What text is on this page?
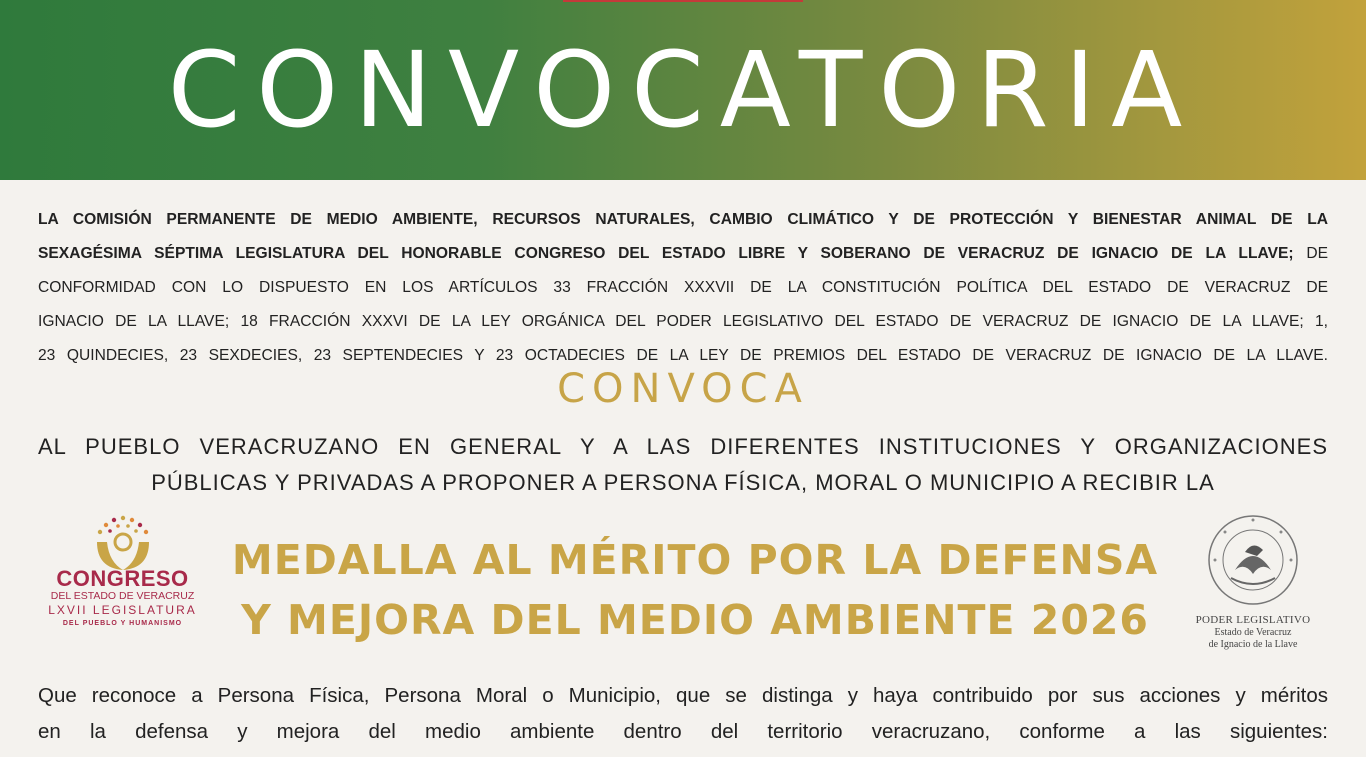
CONVOCATORIA
LA COMISIÓN PERMANENTE DE MEDIO AMBIENTE, RECURSOS NATURALES, CAMBIO CLIMÁTICO Y DE PROTECCIÓN Y BIENESTAR ANIMAL DE LA
SEXAGÉSIMA SÉPTIMA LEGISLATURA DEL HONORABLE CONGRESO DEL ESTADO LIBRE Y SOBERANO DE VERACRUZ DE IGNACIO DE LA LLAVE; DE
CONFORMIDAD CON LO DISPUESTO EN LOS ARTÍCULOS 33 FRACCIÓN XXXVII DE LA CONSTITUCIÓN POLÍTICA DEL ESTADO DE VERACRUZ DE
IGNACIO DE LA LLAVE; 18 FRACCIÓN XXXVI DE LA LEY ORGÁNICA DEL PODER LEGISLATIVO DEL ESTADO DE VERACRUZ DE IGNACIO DE LA LLAVE; 1,
23 QUINDECIES, 23 SEXDECIES, 23 SEPTENDECIES Y 23 OCTADECIES DE LA LEY DE PREMIOS DEL ESTADO DE VERACRUZ DE IGNACIO DE LA LLAVE.
CONVOCA
AL PUEBLO VERACRUZANO EN GENERAL Y A LAS DIFERENTES INSTITUCIONES Y ORGANIZACIONES
PÚBLICAS Y PRIVADAS A PROPONER A PERSONA FÍSICA, MORAL O MUNICIPIO A RECIBIR LA
CONGRESO
DEL ESTADO DE VERACRUZ
LXVII LEGISLATURA
DEL PUEBLO Y HUMANISMO
MEDALLA AL MÉRITO POR LA DEFENSA
Y MEJORA DEL MEDIO AMBIENTE 2026	PODER LEGISLATIVO
Estado de Veracruz
de Ignacio de la Llave
Que reconoce a Persona Física, Persona Moral o Municipio, que se distinga y haya contribuido por sus acciones y méritos
en la defensa y mejora del medio ambiente dentro del territorio veracruzano, conforme a las siguientes:
